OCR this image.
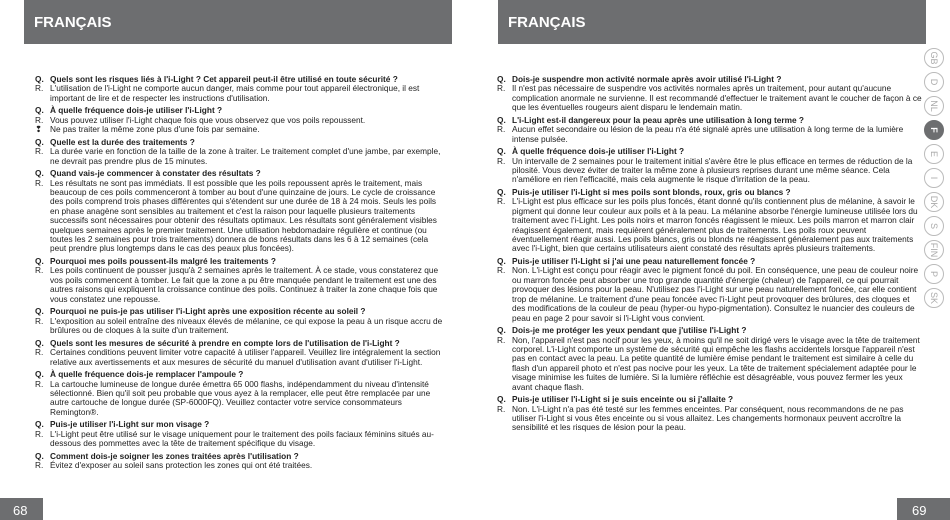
FRANÇAIS	FRANÇAIS
Q. Quels sont les risques liés à l'i-Light ? Cet appareil peut-il être utilisé en toute sécurité ?
R. L'utilisation de l'i-Light ne comporte aucun danger, mais comme pour tout appareil électronique, il est important de lire et de respecter les instructions d'utilisation.
Q. À quelle fréquence dois-je utiliser l'i-Light ?
R. Vous pouvez utiliser l'i-Light chaque fois que vous observez que vos poils repoussent.
❢ Ne pas traiter la même zone plus d'une fois par semaine.
Q. Quelle est la durée des traitements ?
R. La durée varie en fonction de la taille de la zone à traiter. Le traitement complet d'une jambe, par exemple, ne devrait pas prendre plus de 15 minutes.
Q. Quand vais-je commencer à constater des résultats ?
R. Les résultats ne sont pas immédiats. Il est possible que les poils repoussent après le traitement, mais beaucoup de ces poils commenceront à tomber au bout d'une quinzaine de jours. Le cycle de croissance des poils comprend trois phases différentes qui s'étendent sur une durée de 18 à 24 mois. Seuls les poils en phase anagène sont sensibles au traitement et c'est la raison pour laquelle plusieurs traitements successifs sont nécessaires pour obtenir des résultats optimaux. Les résultats sont généralement visibles quelques semaines après le premier traitement. Une utilisation hebdomadaire régulière et continue (ou toutes les 2 semaines pour trois traitements) donnera de bons résultats dans les 6 à 12 semaines (cela peut prendre plus longtemps dans le cas des peaux plus foncées).
Q. Pourquoi mes poils poussent-ils malgré les traitements ?
R. Les poils continuent de pousser jusqu'à 2 semaines après le traitement. À ce stade, vous constaterez que vos poils commencent à tomber. Le fait que la zone a pu être manquée pendant le traitement est une des autres raisons qui expliquent la croissance continue des poils. Continuez à traiter la zone chaque fois que vous constatez une repousse.
Q. Pourquoi ne puis-je pas utiliser l'i-Light après une exposition récente au soleil ?
R. L'exposition au soleil entraîne des niveaux élevés de mélanine, ce qui expose la peau à un risque accru de brûlures ou de cloques à la suite d'un traitement.
Q. Quels sont les mesures de sécurité à prendre en compte lors de l'utilisation de l'i-Light ?
R. Certaines conditions peuvent limiter votre capacité à utiliser l'appareil. Veuillez lire intégralement la section relative aux avertissements et aux mesures de sécurité du manuel d'utilisation avant d'utiliser l'i-Light.
Q. À quelle fréquence dois-je remplacer l'ampoule ?
R. La cartouche lumineuse de longue durée émettra 65 000 flashs, indépendamment du niveau d'intensité sélectionné. Bien qu'il soit peu probable que vous ayez à la remplacer, elle peut être remplacée par une autre cartouche de longue durée (SP-6000FQ). Veuillez contacter votre service consommateurs Remington®.
Q. Puis-je utiliser l'i-Light sur mon visage ?
R. L'i-Light peut être utilisé sur le visage uniquement pour le traitement des poils faciaux féminins situés au-dessous des pommettes avec la tête de traitement spécifique du visage.
Q. Comment dois-je soigner les zones traitées après l'utilisation ?
R. Évitez d'exposer au soleil sans protection les zones qui ont été traitées.
Q. Dois-je suspendre mon activité normale après avoir utilisé l'i-Light ?
R. Il n'est pas nécessaire de suspendre vos activités normales après un traitement, pour autant qu'aucune complication anormale ne survienne. Il est recommandé d'effectuer le traitement avant le coucher de façon à ce que les éventuelles rougeurs aient disparu le lendemain matin.
Q. L'i-Light est-il dangereux pour la peau après une utilisation à long terme ?
R. Aucun effet secondaire ou lésion de la peau n'a été signalé après une utilisation à long terme de la lumière intense pulsée.
Q. À quelle fréquence dois-je utiliser l'i-Light ?
R. Un intervalle de 2 semaines pour le traitement initial s'avère être le plus efficace en termes de réduction de la pilosité. Vous devez éviter de traiter la même zone à plusieurs reprises durant une même séance. Cela n'améliore en rien l'efficacité, mais cela augmente le risque d'irritation de la peau.
Q. Puis-je utiliser l'i-Light si mes poils sont blonds, roux, gris ou blancs ?
R. L'i-Light est plus efficace sur les poils plus foncés, étant donné qu'ils contiennent plus de mélanine, à savoir le pigment qui donne leur couleur aux poils et à la peau. La mélanine absorbe l'énergie lumineuse utilisée lors du traitement avec l'i-Light. Les poils noirs et marron foncés réagissent le mieux. Les poils marron et marron clair réagissent également, mais requièrent généralement plus de traitements. Les poils roux peuvent éventuellement réagir aussi. Les poils blancs, gris ou blonds ne réagissent généralement pas aux traitements avec l'i-Light, bien que certains utilisateurs aient constaté des résultats après plusieurs traitements.
Q. Puis-je utiliser l'i-Light si j'ai une peau naturellement foncée ?
R. Non. L'i-Light est conçu pour réagir avec le pigment foncé du poil. En conséquence, une peau de couleur noire ou marron foncée peut absorber une trop grande quantité d'énergie (chaleur) de l'appareil, ce qui pourrait provoquer des lésions pour la peau. N'utilisez pas l'i-Light sur une peau naturellement foncée, car elle contient trop de mélanine. Le traitement d'une peau foncée avec l'i-Light peut provoquer des brûlures, des cloques et des modifications de la couleur de peau (hyper-ou hypo-pigmentation). Consultez le nuancier des couleurs de peau en page 2 pour savoir si l'i-Light vous convient.
Q. Dois-je me protéger les yeux pendant que j'utilise l'i-Light ?
R. Non, l'appareil n'est pas nocif pour les yeux, à moins qu'il ne soit dirigé vers le visage avec la tête de traitement corporel. L'i-Light comporte un système de sécurité qui empêche les flashs accidentels lorsque l'appareil n'est pas en contact avec la peau. La petite quantité de lumière émise pendant le traitement est similaire à celle du flash d'un appareil photo et n'est pas nocive pour les yeux. La tête de traitement spécialement adaptée pour le visage minimise les fuites de lumière. Si la lumière réfléchie est désagréable, vous pouvez fermer les yeux avant chaque flash.
Q. Puis-je utiliser l'i-Light si je suis enceinte ou si j'allaite ?
R. Non. L'i-Light n'a pas été testé sur les femmes enceintes. Par conséquent, nous recommandons de ne pas utiliser l'i-Light si vous êtes enceinte ou si vous allaitez. Les changements hormonaux peuvent accroître la sensibilité et les risques de lésion pour la peau.
GB
D
NL
F
E
I
DK
S
FIN
P
SK
68	69
